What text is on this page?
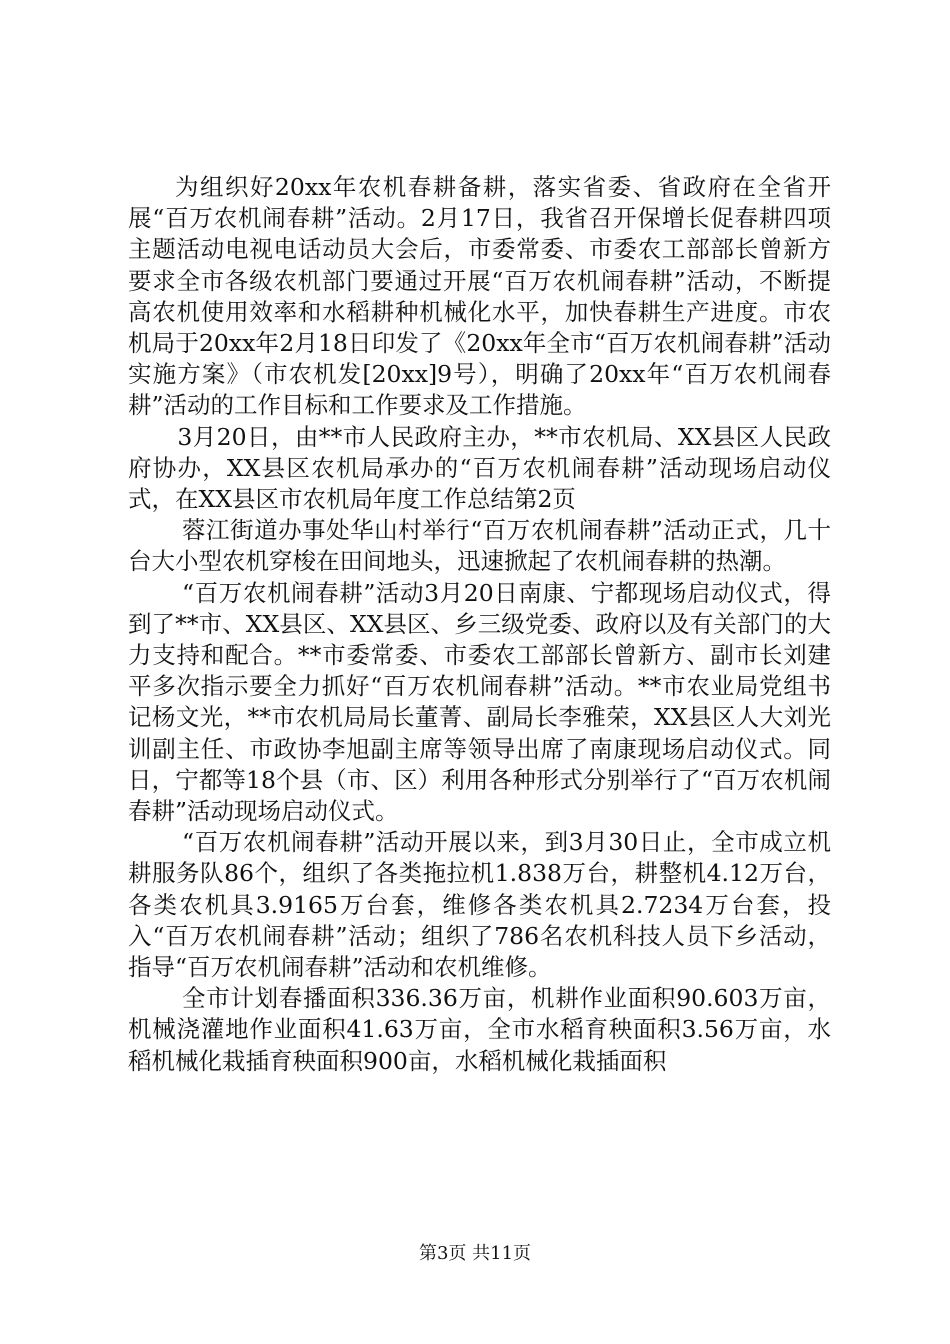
为组织好20xx年农机春耕备耕，落实省委、省政府在全省开展“百万农机闹春耕”活动。2月17日，我省召开保增长促春耕四项主题活动电视电话动员大会后，市委常委、市委农工部部长曾新方要求全市各级农机部门要通过开展“百万农机闹春耕”活动，不断提高农机使用效率和水稻耕种机械化水平，加快春耕生产进度。市农机局于20xx年2月18日印发了《20xx年全市“百万农机闹春耕”活动实施方案》（市农机发[20xx]9号），明确了20xx年“百万农机闹春耕”活动的工作目标和工作要求及工作措施。

3月20日，由**市人民政府主办，**市农机局、XX县区人民政府协办，XX县区农机局承办的“百万农机闹春耕”活动现场启动仪式，在XX县区市农机局年度工作总结第2页

蓉江街道办事处华山村举行“百万农机闹春耕”活动正式，几十台大小型农机穿梭在田间地头，迅速掀起了农机闹春耕的热潮。

“百万农机闹春耕”活动3月20日南康、宁都现场启动仪式，得到了**市、XX县区、XX县区、乡三级党委、政府以及有关部门的大力支持和配合。**市委常委、市委农工部部长曾新方、副市长刘建平多次指示要全力抓好“百万农机闹春耕”活动。**市农业局党组书记杨文光，**市农机局局长董菁、副局长李雅荣，XX县区人大刘光训副主任、市政协李旭副主席等领导出席了南康现场启动仪式。同日，宁都等18个县（市、区）利用各种形式分别举行了“百万农机闹春耕”活动现场启动仪式。

“百万农机闹春耕”活动开展以来，到3月30日止，全市成立机耕服务队86个，组织了各类拖拉机1.838万台，耕整机4.12万台，各类农机具3.9165万台套，维修各类农机具2.7234万台套，投入“百万农机闹春耕”活动；组织了786名农机科技人员下乡活动，指导“百万农机闹春耕”活动和农机维修。

全市计划春播面积336.36万亩，机耕作业面积90.603万亩，机械浇灌地作业面积41.63万亩，全市水稻育秧面积3.56万亩，水稻机械化栽插育秧面积900亩，水稻机械化栽插面积

第3页 共11页
